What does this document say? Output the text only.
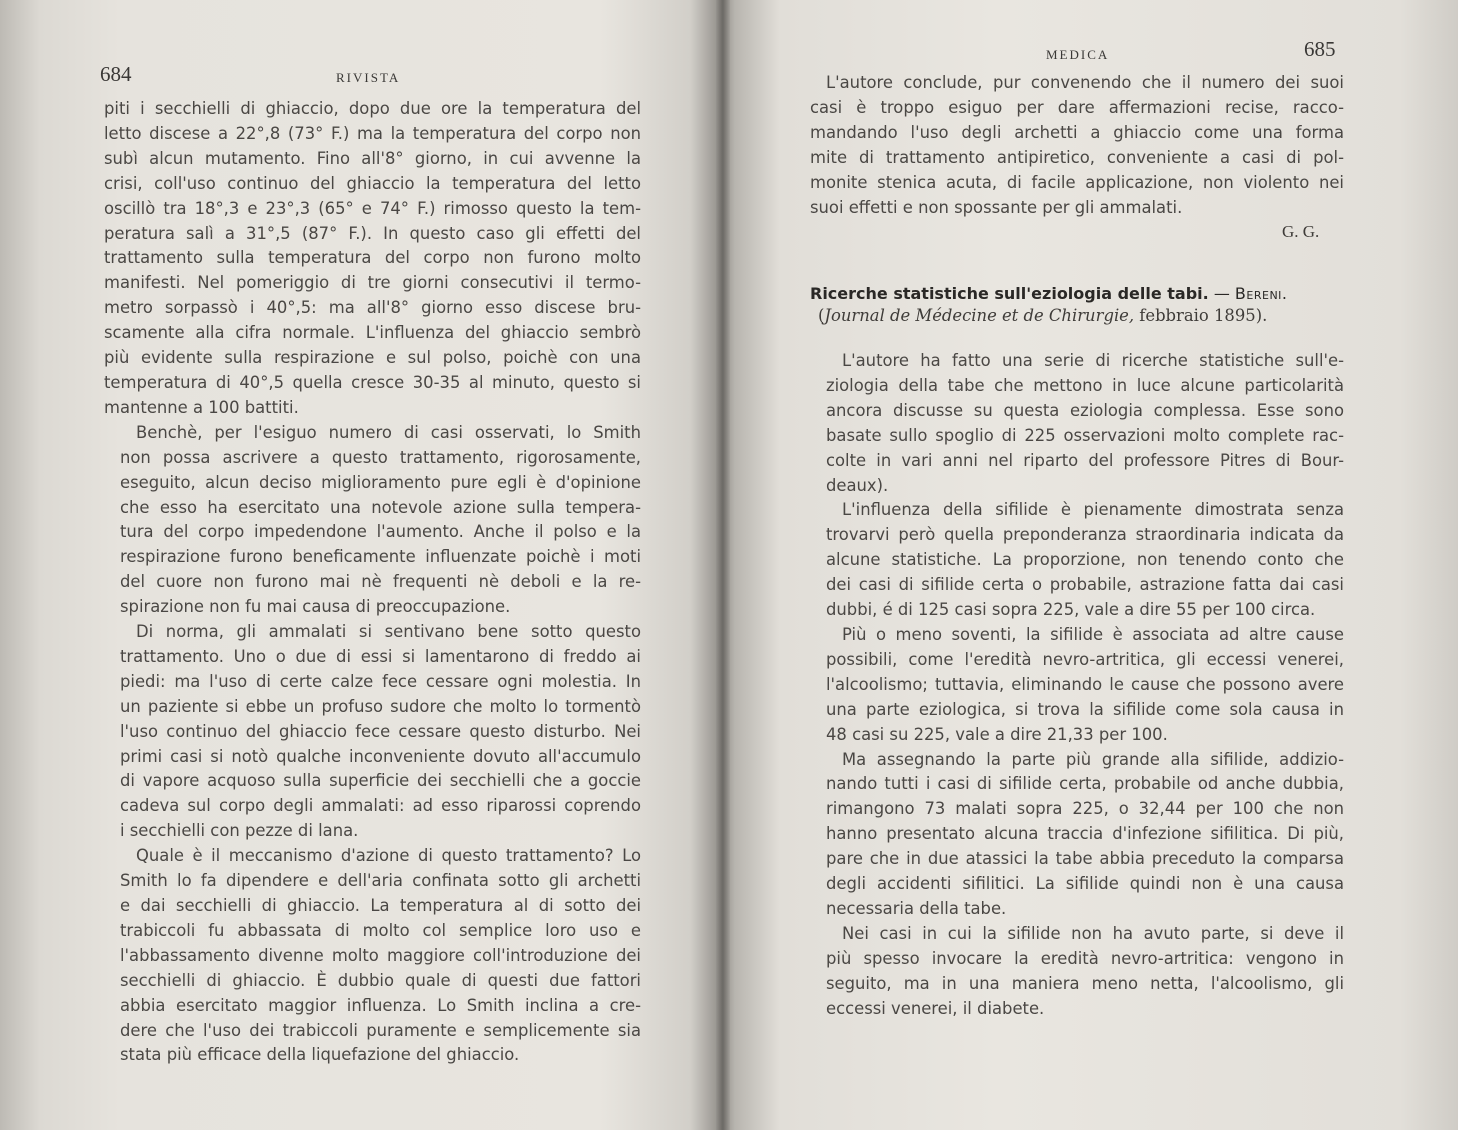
684	RIVISTA

piti i secchielli di ghiaccio, dopo due ore la temperatura del
letto discese a 22°,8 (73° F.) ma la temperatura del corpo non
subì alcun mutamento. Fino all'8° giorno, in cui avvenne la
crisi, coll'uso continuo del ghiaccio la temperatura del letto
oscillò tra 18°,3 e 23°,3 (65° e 74° F.) rimosso questo la tem-
peratura salì a 31°,5 (87° F.). In questo caso gli effetti del
trattamento sulla temperatura del corpo non furono molto
manifesti. Nel pomeriggio di tre giorni consecutivi il termo-
metro sorpassò i 40°,5: ma all'8° giorno esso discese bru-
scamente alla cifra normale. L'influenza del ghiaccio sembrò
più evidente sulla respirazione e sul polso, poichè con una
temperatura di 40°,5 quella cresce 30-35 al minuto, questo si
mantenne a 100 battiti.

Benchè, per l'esiguo numero di casi osservati, lo Smith
non possa ascrivere a questo trattamento, rigorosamente,
eseguito, alcun deciso miglioramento pure egli è d'opinione
che esso ha esercitato una notevole azione sulla tempera-
tura del corpo impedendone l'aumento. Anche il polso e la
respirazione furono beneficamente influenzate poichè i moti
del cuore non furono mai nè frequenti nè deboli e la re-
spirazione non fu mai causa di preoccupazione.

Di norma, gli ammalati si sentivano bene sotto questo
trattamento. Uno o due di essi si lamentarono di freddo ai
piedi: ma l'uso di certe calze fece cessare ogni molestia. In
un paziente si ebbe un profuso sudore che molto lo tormentò
l'uso continuo del ghiaccio fece cessare questo disturbo. Nei
primi casi si notò qualche inconveniente dovuto all'accumulo
di vapore acquoso sulla superficie dei secchielli che a goccie
cadeva sul corpo degli ammalati: ad esso riparossi coprendo
i secchielli con pezze di lana.

Quale è il meccanismo d'azione di questo trattamento? Lo
Smith lo fa dipendere e dell'aria confinata sotto gli archetti
e dai secchielli di ghiaccio. La temperatura al di sotto dei
trabiccoli fu abbassata di molto col semplice loro uso e
l'abbassamento divenne molto maggiore coll'introduzione dei
secchielli di ghiaccio. È dubbio quale di questi due fattori
abbia esercitato maggior influenza. Lo Smith inclina a cre-
dere che l'uso dei trabiccoli puramente e semplicemente sia
stata più efficace della liquefazione del ghiaccio.

MEDICA	685

L'autore conclude, pur convenendo che il numero dei suoi
casi è troppo esiguo per dare affermazioni recise, racco-
mandando l'uso degli archetti a ghiaccio come una forma
mite di trattamento antipiretico, conveniente a casi di pol-
monite stenica acuta, di facile applicazione, non violento nei
suoi effetti e non spossante per gli ammalati.

G. G.
Ricerche statistiche sull'eziologia delle tabi. — Bereni.
(Journal de Médecine et de Chirurgie, febbraio 1895).

L'autore ha fatto una serie di ricerche statistiche sull'e-
ziologia della tabe che mettono in luce alcune particolarità
ancora discusse su questa eziologia complessa. Esse sono
basate sullo spoglio di 225 osservazioni molto complete rac-
colte in vari anni nel riparto del professore Pitres di Bour-
deaux).

L'influenza della sifilide è pienamente dimostrata senza
trovarvi però quella preponderanza straordinaria indicata da
alcune statistiche. La proporzione, non tenendo conto che
dei casi di sifilide certa o probabile, astrazione fatta dai casi
dubbi, é di 125 casi sopra 225, vale a dire 55 per 100 circa.

Più o meno soventi, la sifilide è associata ad altre cause
possibili, come l'eredità nevro-artritica, gli eccessi venerei,
l'alcoolismo; tuttavia, eliminando le cause che possono avere
una parte eziologica, si trova la sifilide come sola causa in
48 casi su 225, vale a dire 21,33 per 100.

Ma assegnando la parte più grande alla sifilide, addizio-
nando tutti i casi di sifilide certa, probabile od anche dubbia,
rimangono 73 malati sopra 225, o 32,44 per 100 che non
hanno presentato alcuna traccia d'infezione sifilitica. Di più,
pare che in due atassici la tabe abbia preceduto la comparsa
degli accidenti sifilitici. La sifilide quindi non è una causa
necessaria della tabe.

Nei casi in cui la sifilide non ha avuto parte, si deve il
più spesso invocare la eredità nevro-artritica: vengono in
seguito, ma in una maniera meno netta, l'alcoolismo, gli
eccessi venerei, il diabete.
